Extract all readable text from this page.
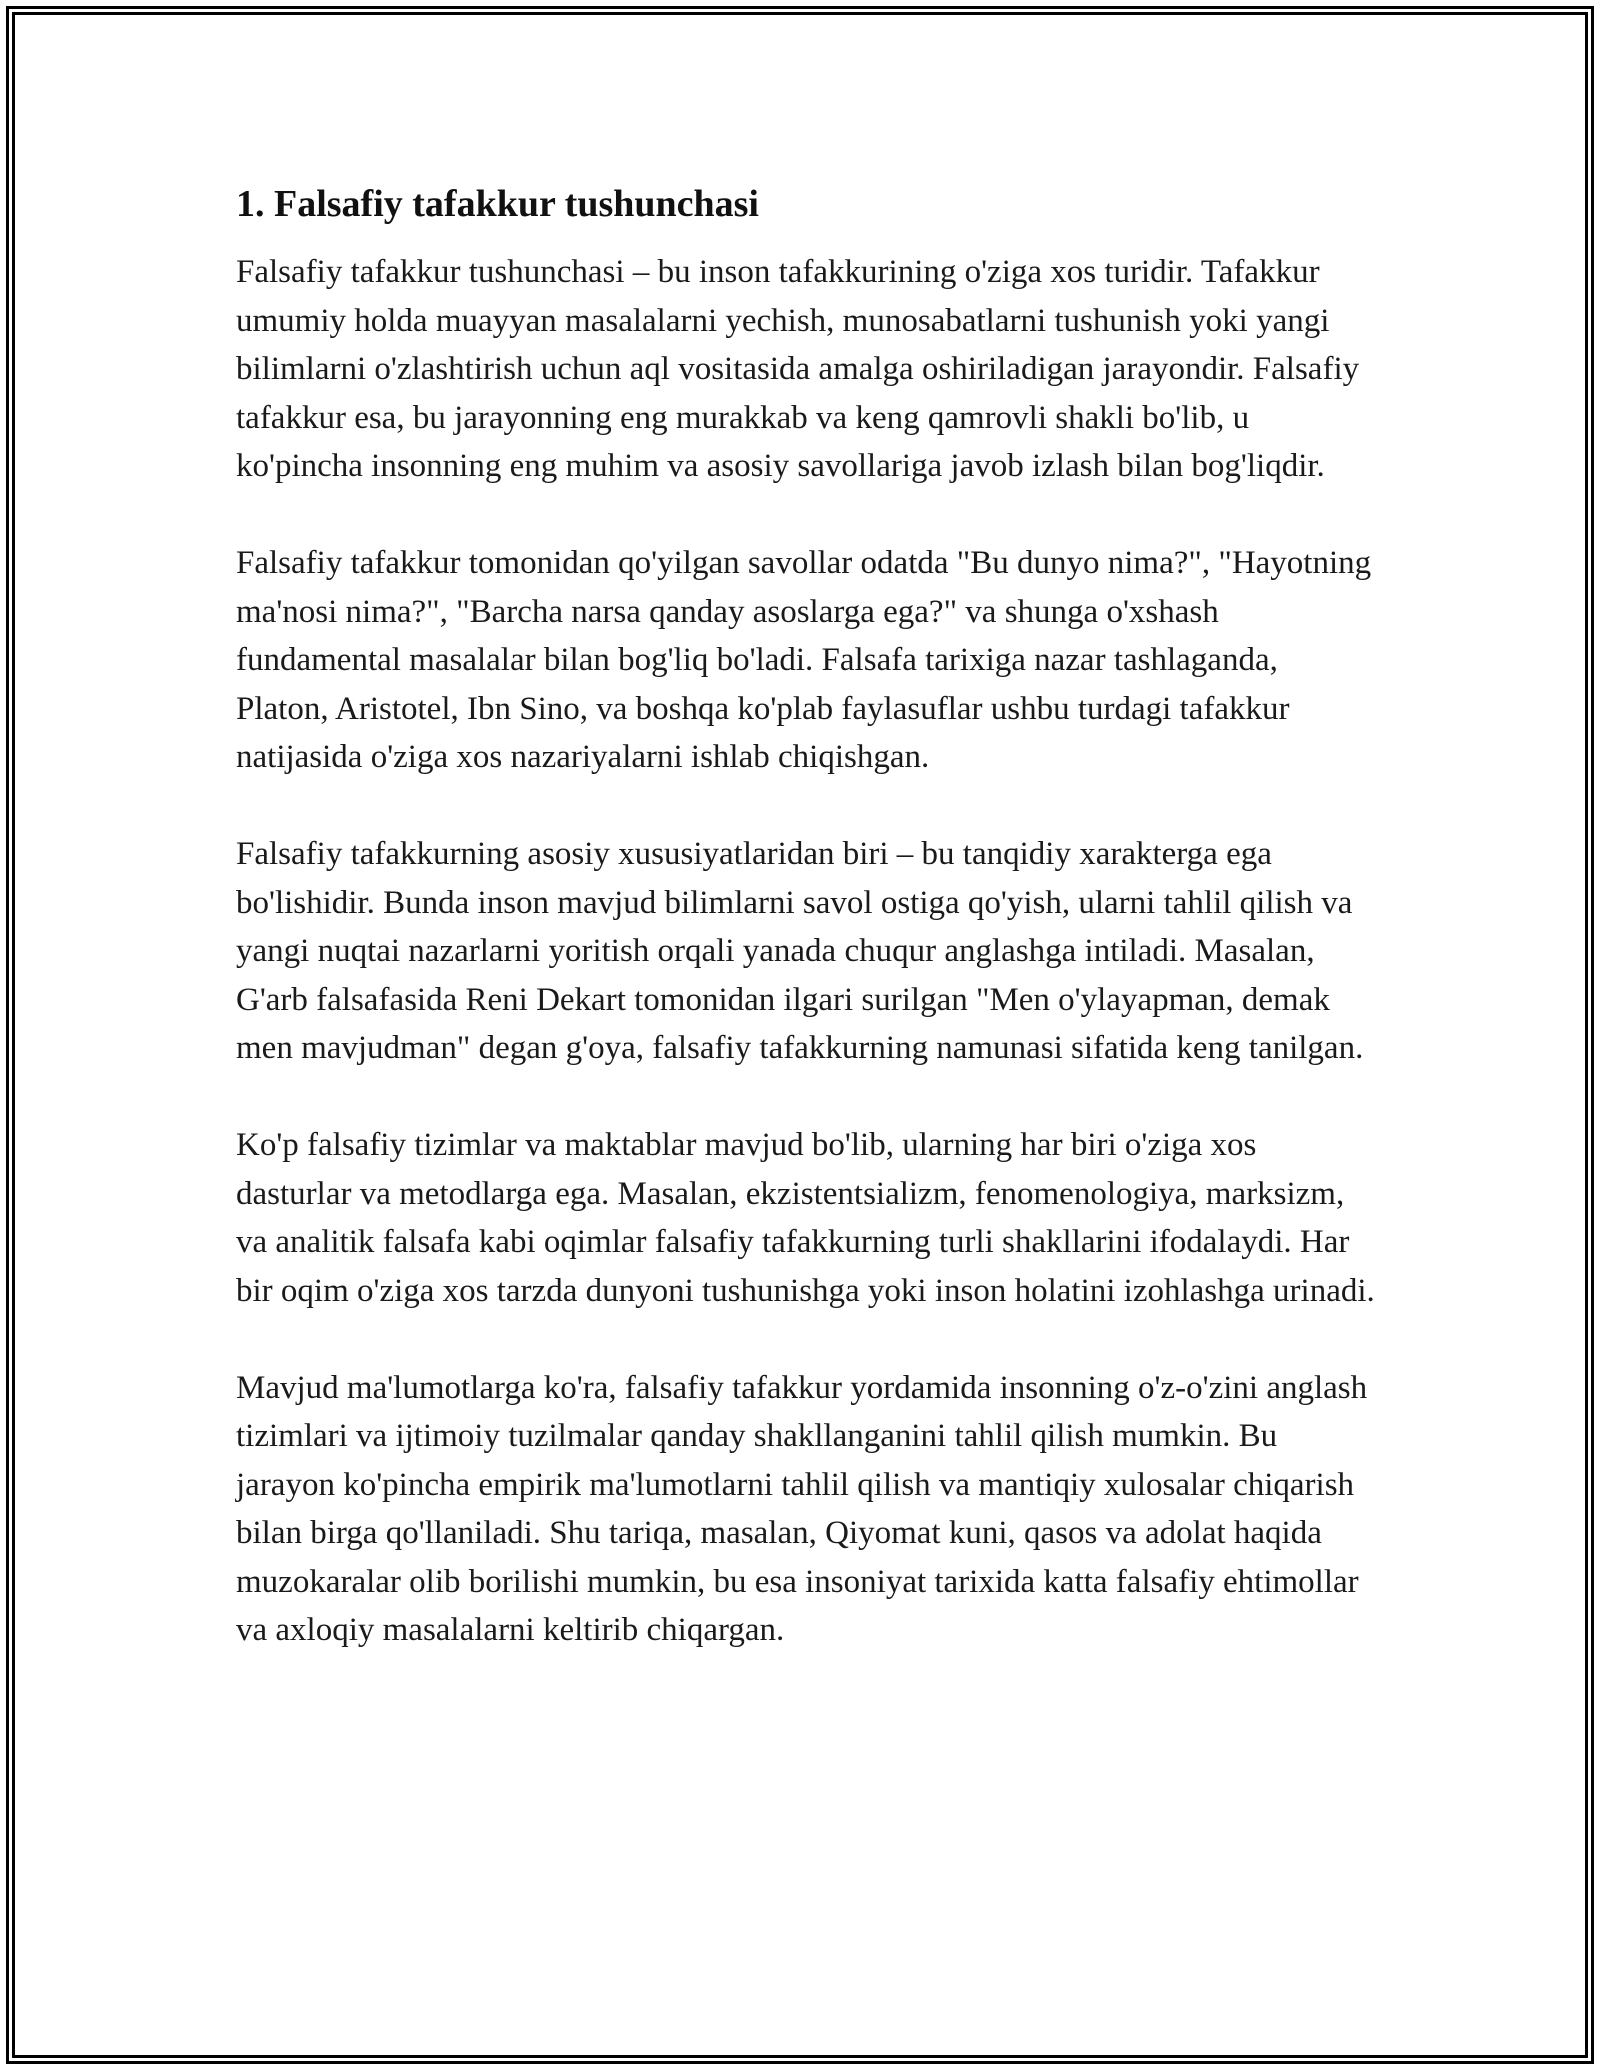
1. Falsafiy tafakkur tushunchasi

Falsafiy tafakkur tushunchasi – bu inson tafakkurining o'ziga xos turidir. Tafakkur umumiy holda muayyan masalalarni yechish, munosabatlarni tushunish yoki yangi bilimlarni o'zlashtirish uchun aql vositasida amalga oshiriladigan jarayondir. Falsafiy tafakkur esa, bu jarayonning eng murakkab va keng qamrovli shakli bo'lib, u ko'pincha insonning eng muhim va asosiy savollariga javob izlash bilan bog'liqdir.

Falsafiy tafakkur tomonidan qo'yilgan savollar odatda "Bu dunyo nima?", "Hayotning ma'nosi nima?", "Barcha narsa qanday asoslarga ega?" va shunga o'xshash fundamental masalalar bilan bog'liq bo'ladi. Falsafa tarixiga nazar tashlaganda, Platon, Aristotel, Ibn Sino, va boshqa ko'plab faylasuflar ushbu turdagi tafakkur natijasida o'ziga xos nazariyalarni ishlab chiqishgan.

Falsafiy tafakkurning asosiy xususiyatlaridan biri – bu tanqidiy xarakterga ega bo'lishidir. Bunda inson mavjud bilimlarni savol ostiga qo'yish, ularni tahlil qilish va yangi nuqtai nazarlarni yoritish orqali yanada chuqur anglashga intiladi. Masalan, G'arb falsafasida Reni Dekart tomonidan ilgari surilgan "Men o'ylayapman, demak men mavjudman" degan g'oya, falsafiy tafakkurning namunasi sifatida keng tanilgan.

Ko'p falsafiy tizimlar va maktablar mavjud bo'lib, ularning har biri o'ziga xos dasturlar va metodlarga ega. Masalan, ekzistentsializm, fenomenologiya, marksizm, va analitik falsafa kabi oqimlar falsafiy tafakkurning turli shakllarini ifodalaydi. Har bir oqim o'ziga xos tarzda dunyoni tushunishga yoki inson holatini izohlashga urinadi.

Mavjud ma'lumotlarga ko'ra, falsafiy tafakkur yordamida insonning o'z-o'zini anglash tizimlari va ijtimoiy tuzilmalar qanday shakllanganini tahlil qilish mumkin. Bu jarayon ko'pincha empirik ma'lumotlarni tahlil qilish va mantiqiy xulosalar chiqarish bilan birga qo'llaniladi. Shu tariqa, masalan, Qiyomat kuni, qasos va adolat haqida muzokaralar olib borilishi mumkin, bu esa insoniyat tarixida katta falsafiy ehtimollar va axloqiy masalalarni keltirib chiqargan.
